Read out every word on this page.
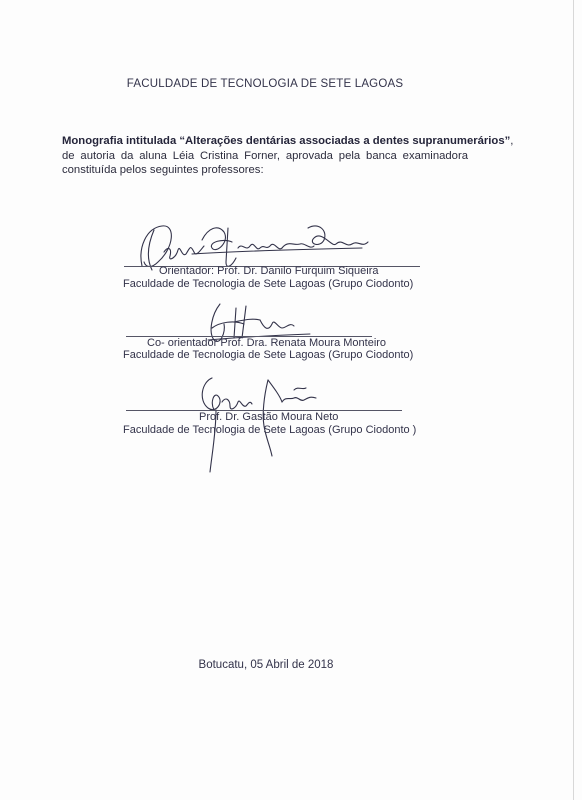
FACULDADE DE TECNOLOGIA DE SETE LAGOAS
Monografia intitulada “Alterações dentárias associadas a dentes supranumerários”,
de autoria da aluna Léia Cristina Forner, aprovada pela banca examinadora
constituída pelos seguintes professores:
Orientador: Prof. Dr. Danilo Furquim Siqueira
Faculdade de Tecnologia de Sete Lagoas (Grupo Ciodonto)
Co- orientador Prof. Dra. Renata Moura Monteiro
Faculdade de Tecnologia de Sete Lagoas (Grupo Ciodonto)
Prof. Dr. Gastão Moura Neto
Faculdade de Tecnologia de Sete Lagoas (Grupo Ciodonto )
Botucatu, 05 Abril de 2018
